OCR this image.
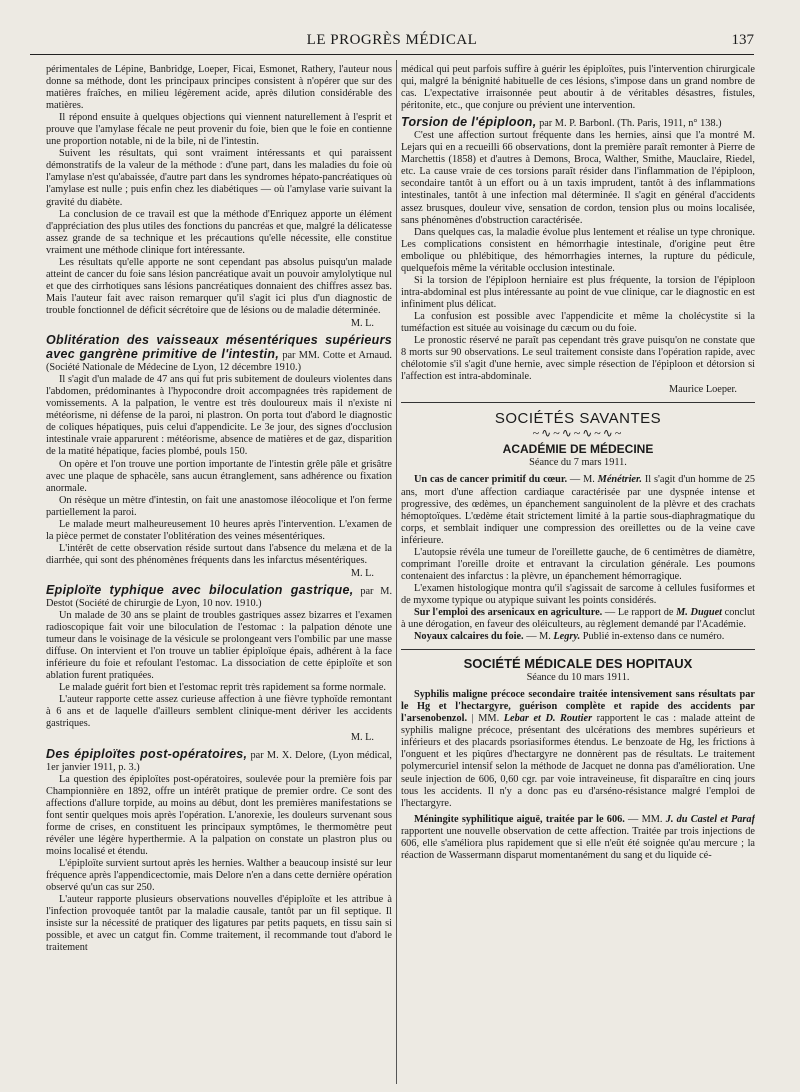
LE PROGRÈS MÉDICAL	137

périmentales de Lépine, Banbridge, Loeper, Ficai, Esmonet, Rathery, l'auteur nous donne sa méthode, dont les principaux principes consistent à n'opérer que sur des matières fraîches, en milieu légèrement acide, après dilution considérable des matières.

Il répond ensuite à quelques objections qui viennent naturellement à l'esprit et prouve que l'amylase fécale ne peut provenir du foie, bien que le foie en contienne une proportion notable, ni de la bile, ni de l'intestin.

Suivent les résultats, qui sont vraiment intéressants et qui paraissent démonstratifs de la valeur de la méthode : d'une part, dans les maladies du foie où l'amylase n'est qu'abaissée, d'autre part dans les syndromes hépato-pancréatiques où l'amylase est nulle ; puis enfin chez les diabétiques — où l'amylase varie suivant la gravité du diabète.

La conclusion de ce travail est que la méthode d'Enriquez apporte un élément d'appréciation des plus utiles des fonctions du pancréas et que, malgré la délicatesse assez grande de sa technique et les précautions qu'elle nécessite, elle constitue vraiment une méthode clinique fort intéressante.

Les résultats qu'elle apporte ne sont cependant pas absolus puisqu'un malade atteint de cancer du foie sans lésion pancréatique avait un pouvoir amylolytique nul et que des cirrhotiques sans lésions pancréatiques donnaient des chiffres assez bas. Mais l'auteur fait avec raison remarquer qu'il s'agit ici plus d'un diagnostic de trouble fonctionnel de déficit sécrétoire que de lésions ou de maladie déterminée.

M. L.

Oblitération des vaisseaux mésentériques supérieurs avec gangrène primitive de l'intestin, par MM. Cotte et Arnaud. (Société Nationale de Médecine de Lyon, 12 décembre 1910.)

Il s'agit d'un malade de 47 ans qui fut pris subitement de douleurs violentes dans l'abdomen, prédominantes à l'hypocondre droit accompagnées très rapidement de vomissements. A la palpation, le ventre est très douloureux mais il n'existe ni météorisme, ni défense de la paroi, ni plastron. On porta tout d'abord le diagnostic de coliques hépatiques, puis celui d'appendicite. Le 3e jour, des signes d'occlusion intestinale vraie apparurent : météorisme, absence de matières et de gaz, disparition de la matité hépatique, facies plombé, pouls 150.

On opère et l'on trouve une portion importante de l'intestin grêle pâle et grisâtre avec une plaque de sphacèle, sans aucun étranglement, sans adhérence ou fixation anormale.

On résèque un mètre d'intestin, on fait une anastomose iléocolique et l'on ferme partiellement la paroi.

Le malade meurt malheureusement 10 heures après l'intervention. L'examen de la pièce permet de constater l'oblitération des veines mésentériques.

L'intérêt de cette observation réside surtout dans l'absence du melæna et de la diarrhée, qui sont des phénomènes fréquents dans les infarctus mésentériques.

M. L.

Epiploïte typhique avec biloculation gastrique, par M. Destot (Société de chirurgie de Lyon, 10 nov. 1910.)

Un malade de 30 ans se plaint de troubles gastriques assez bizarres et l'examen radioscopique fait voir une biloculation de l'estomac : la palpation dénote une tumeur dans le voisinage de la vésicule se prolongeant vers l'ombilic par une masse diffuse. On intervient et l'on trouve un tablier épiploïque épais, adhérent à la face inférieure du foie et refoulant l'estomac. La dissociation de cette épiploïte et son ablation furent pratiquées.

Le malade guérit fort bien et l'estomac reprit très rapidement sa forme normale.

L'auteur rapporte cette assez curieuse affection à une fièvre typhoïde remontant à 6 ans et de laquelle d'ailleurs semblent clinique-ment dériver les accidents gastriques.

M. L.

Des épiploïtes post-opératoires, par M. X. Delore, (Lyon médical, 1er janvier 1911, p. 3.)

La question des épiploïtes post-opératoires, soulevée pour la première fois par Championnière en 1892, offre un intérêt pratique de premier ordre. Ce sont des affections d'allure torpide, au moins au début, dont les premières manifestations se font sentir quelques mois après l'opération. L'anorexie, les douleurs survenant sous forme de crises, en constituent les principaux symptômes, le thermomètre peut révéler une légère hyperthermie. A la palpation on constate un plastron plus ou moins localisé et étendu.

L'épiploïte survient surtout après les hernies. Walther a beaucoup insisté sur leur fréquence après l'appendicectomie, mais Delore n'en a dans cette dernière opération observé qu'un cas sur 250.

L'auteur rapporte plusieurs observations nouvelles d'épiploïte et les attribue à l'infection provoquée tantôt par la maladie causale, tantôt par un fil septique. Il insiste sur la nécessité de pratiquer des ligatures par petits paquets, en tissu sain si possible, et avec un catgut fin. Comme traitement, il recommande tout d'abord le traitement

médical qui peut parfois suffire à guérir les épiploïtes, puis l'intervention chirurgicale qui, malgré la bénignité habituelle de ces lésions, s'impose dans un grand nombre de cas. L'expectative irraisonnée peut aboutir à de véritables désastres, fistules, péritonite, etc., que conjure ou prévient une intervention.

Torsion de l'épiploon, par M. P. Barbonl. (Th. Paris, 1911, n° 138.)

C'est une affection surtout fréquente dans les hernies, ainsi que l'a montré M. Lejars qui en a recueilli 66 observations, dont la première paraît remonter à Pierre de Marchettis (1858) et d'autres à Demons, Broca, Walther, Smithe, Mauclaire, Riedel, etc. La cause vraie de ces torsions paraît résider dans l'inflammation de l'épiploon, secondaire tantôt à un effort ou à un taxis imprudent, tantôt à des inflammations intestinales, tantôt à une infection mal déterminée. Il s'agit en général d'accidents assez brusques, douleur vive, sensation de cordon, tension plus ou moins localisée, sans phénomènes d'obstruction caractérisée.

Dans quelques cas, la maladie évolue plus lentement et réalise un type chronique. Les complications consistent en hémorrhagie intestinale, d'origine peut être embolique ou phlébitique, des hémorrhagies internes, la rupture du pédicule, quelquefois même la véritable occlusion intestinale.

Si la torsion de l'épiploon herniaire est plus fréquente, la torsion de l'épiploon intra-abdominal est plus intéressante au point de vue clinique, car le diagnostic en est infiniment plus délicat.

La confusion est possible avec l'appendicite et même la cholécystite si la tuméfaction est située au voisinage du cæcum ou du foie.

Le pronostic réservé ne paraît pas cependant très grave puisqu'on ne constate que 8 morts sur 90 observations. Le seul traitement consiste dans l'opération rapide, avec chélotomie s'il s'agit d'une hernie, avec simple résection de l'épiploon et détorsion si l'affection est intra-abdominale.

Maurice Loeper.

SOCIÉTÉS SAVANTES
~∿~∿~∿~∿~
ACADÉMIE DE MÉDECINE
Séance du 7 mars 1911.

Un cas de cancer primitif du cœur. — M. Ménétrier. Il s'agit d'un homme de 25 ans, mort d'une affection cardiaque caractérisée par une dyspnée intense et progressive, des œdèmes, un épanchement sanguinolent de la plèvre et des crachats hémoptoïques. L'œdème était strictement limité à la partie sous-diaphragmatique du corps, et semblait indiquer une compression des oreillettes ou de la veine cave inférieure.

L'autopsie révéla une tumeur de l'oreillette gauche, de 6 centimètres de diamètre, comprimant l'oreille droite et entravant la circulation générale. Les poumons contenaient des infarctus : la plèvre, un épanchement hémorragique.

L'examen histologique montra qu'il s'agissait de sarcome à cellules fusiformes et de myxome typique ou atypique suivant les points considérés.

Sur l'emploi des arsenicaux en agriculture. — Le rapport de M. Duguet conclut à une dérogation, en faveur des oléiculteurs, au règlement demandé par l'Académie.

Noyaux calcaires du foie. — M. Legry. Publié in-extenso dans ce numéro.

SOCIÉTÉ MÉDICALE DES HOPITAUX
Séance du 10 mars 1911.

Syphilis maligne précoce secondaire traitée intensivement sans résultats par le Hg et l'hectargyre, guérison complète et rapide des accidents par l'arsenobenzol. | MM. Lebar et D. Routier rapportent le cas : malade atteint de syphilis maligne précoce, présentant des ulcérations des membres supérieurs et inférieurs et des placards psoriasiformes étendus. Le benzoate de Hg, les frictions à l'onguent et les piqûres d'hectargyre ne donnèrent pas de résultats. Le traitement polymercuriel intensif selon la méthode de Jacquet ne donna pas d'amélioration. Une seule injection de 606, 0,60 cgr. par voie intraveineuse, fit disparaître en cinq jours tous les accidents. Il n'y a donc pas eu d'arséno-résistance malgré l'emploi de l'hectargyre.

Méningite syphilitique aiguë, traitée par le 606. — MM. J. du Castel et Paraf rapportent une nouvelle observation de cette affection. Traitée par trois injections de 606, elle s'améliora plus rapidement que si elle n'eût été soignée qu'au mercure ; la réaction de Wassermann disparut momentanément du sang et du liquide cé-
